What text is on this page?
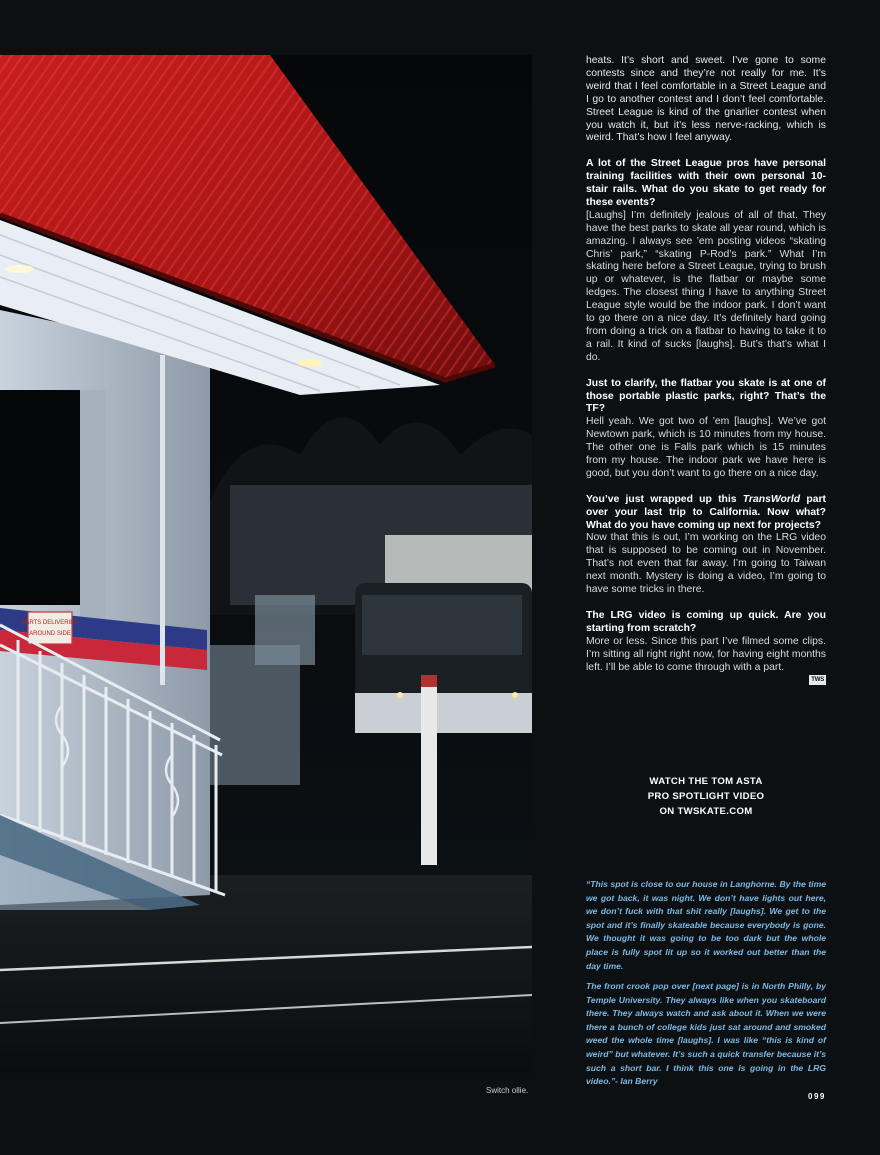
PARTS DELIVERIES
AROUND SIDE

heats. It’s short and sweet. I’ve gone to some contests since and they’re not really for me. It’s weird that I feel comfortable in a Street League and I go to another contest and I don’t feel comfortable. Street League is kind of the gnarlier contest when you watch it, but it’s less nerve-racking, which is weird. That’s how I feel anyway.

A lot of the Street League pros have personal training facilities with their own personal 10-stair rails. What do you skate to get ready for these events?
[Laughs] I’m definitely jealous of all of that. They have the best parks to skate all year round, which is amazing. I always see ’em posting videos “skating Chris’ park,” “skating P-Rod’s park.” What I’m skating here before a Street League, trying to brush up or whatever, is the flatbar or maybe some ledges. The closest thing I have to anything Street League style would be the indoor park. I don’t want to go there on a nice day. It’s definitely hard going from doing a trick on a flatbar to having to take it to a rail. It kind of sucks [laughs]. But’s that’s what I do.

Just to clarify, the flatbar you skate is at one of those portable plastic parks, right? That’s the TF?
Hell yeah. We got two of ’em [laughs]. We’ve got Newtown park, which is 10 minutes from my house. The other one is Falls park which is 15 minutes from my house. The indoor park we have here is good, but you don’t want to go there on a nice day.

You’ve just wrapped up this TransWorld part over your last trip to California. Now what? What do you have coming up next for projects?
Now that this is out, I’m working on the LRG video that is supposed to be coming out in November. That’s not even that far away. I’m going to Taiwan next month. Mystery is doing a video, I’m going to have some tricks in there.

The LRG video is coming up quick. Are you starting from scratch?
More or less. Since this part I’ve filmed some clips. I’m sitting all right right now, for having eight months left. I’ll be able to come through with a part.
TWS

WATCH THE TOM ASTA
PRO SPOTLIGHT VIDEO
ON TWSKATE.COM
“This spot is close to our house in Langhorne. By the time we got back, it was night. We don’t have lights out here, we don’t fuck with that shit really [laughs]. We get to the spot and it’s finally skateable because everybody is gone. We thought it was going to be too dark but the whole place is fully spot lit up so it worked out better than the day time.
The front crook pop over [next page] is in North Philly, by Temple University. They always like when you skateboard there. They always watch and ask about it. When we were there a bunch of college kids just sat around and smoked weed the whole time [laughs]. I was like “this is kind of weird” but whatever. It’s such a quick transfer because it’s such a short bar. I think this one is going in the LRG video.”- Ian Berry
Switch ollie.
099
